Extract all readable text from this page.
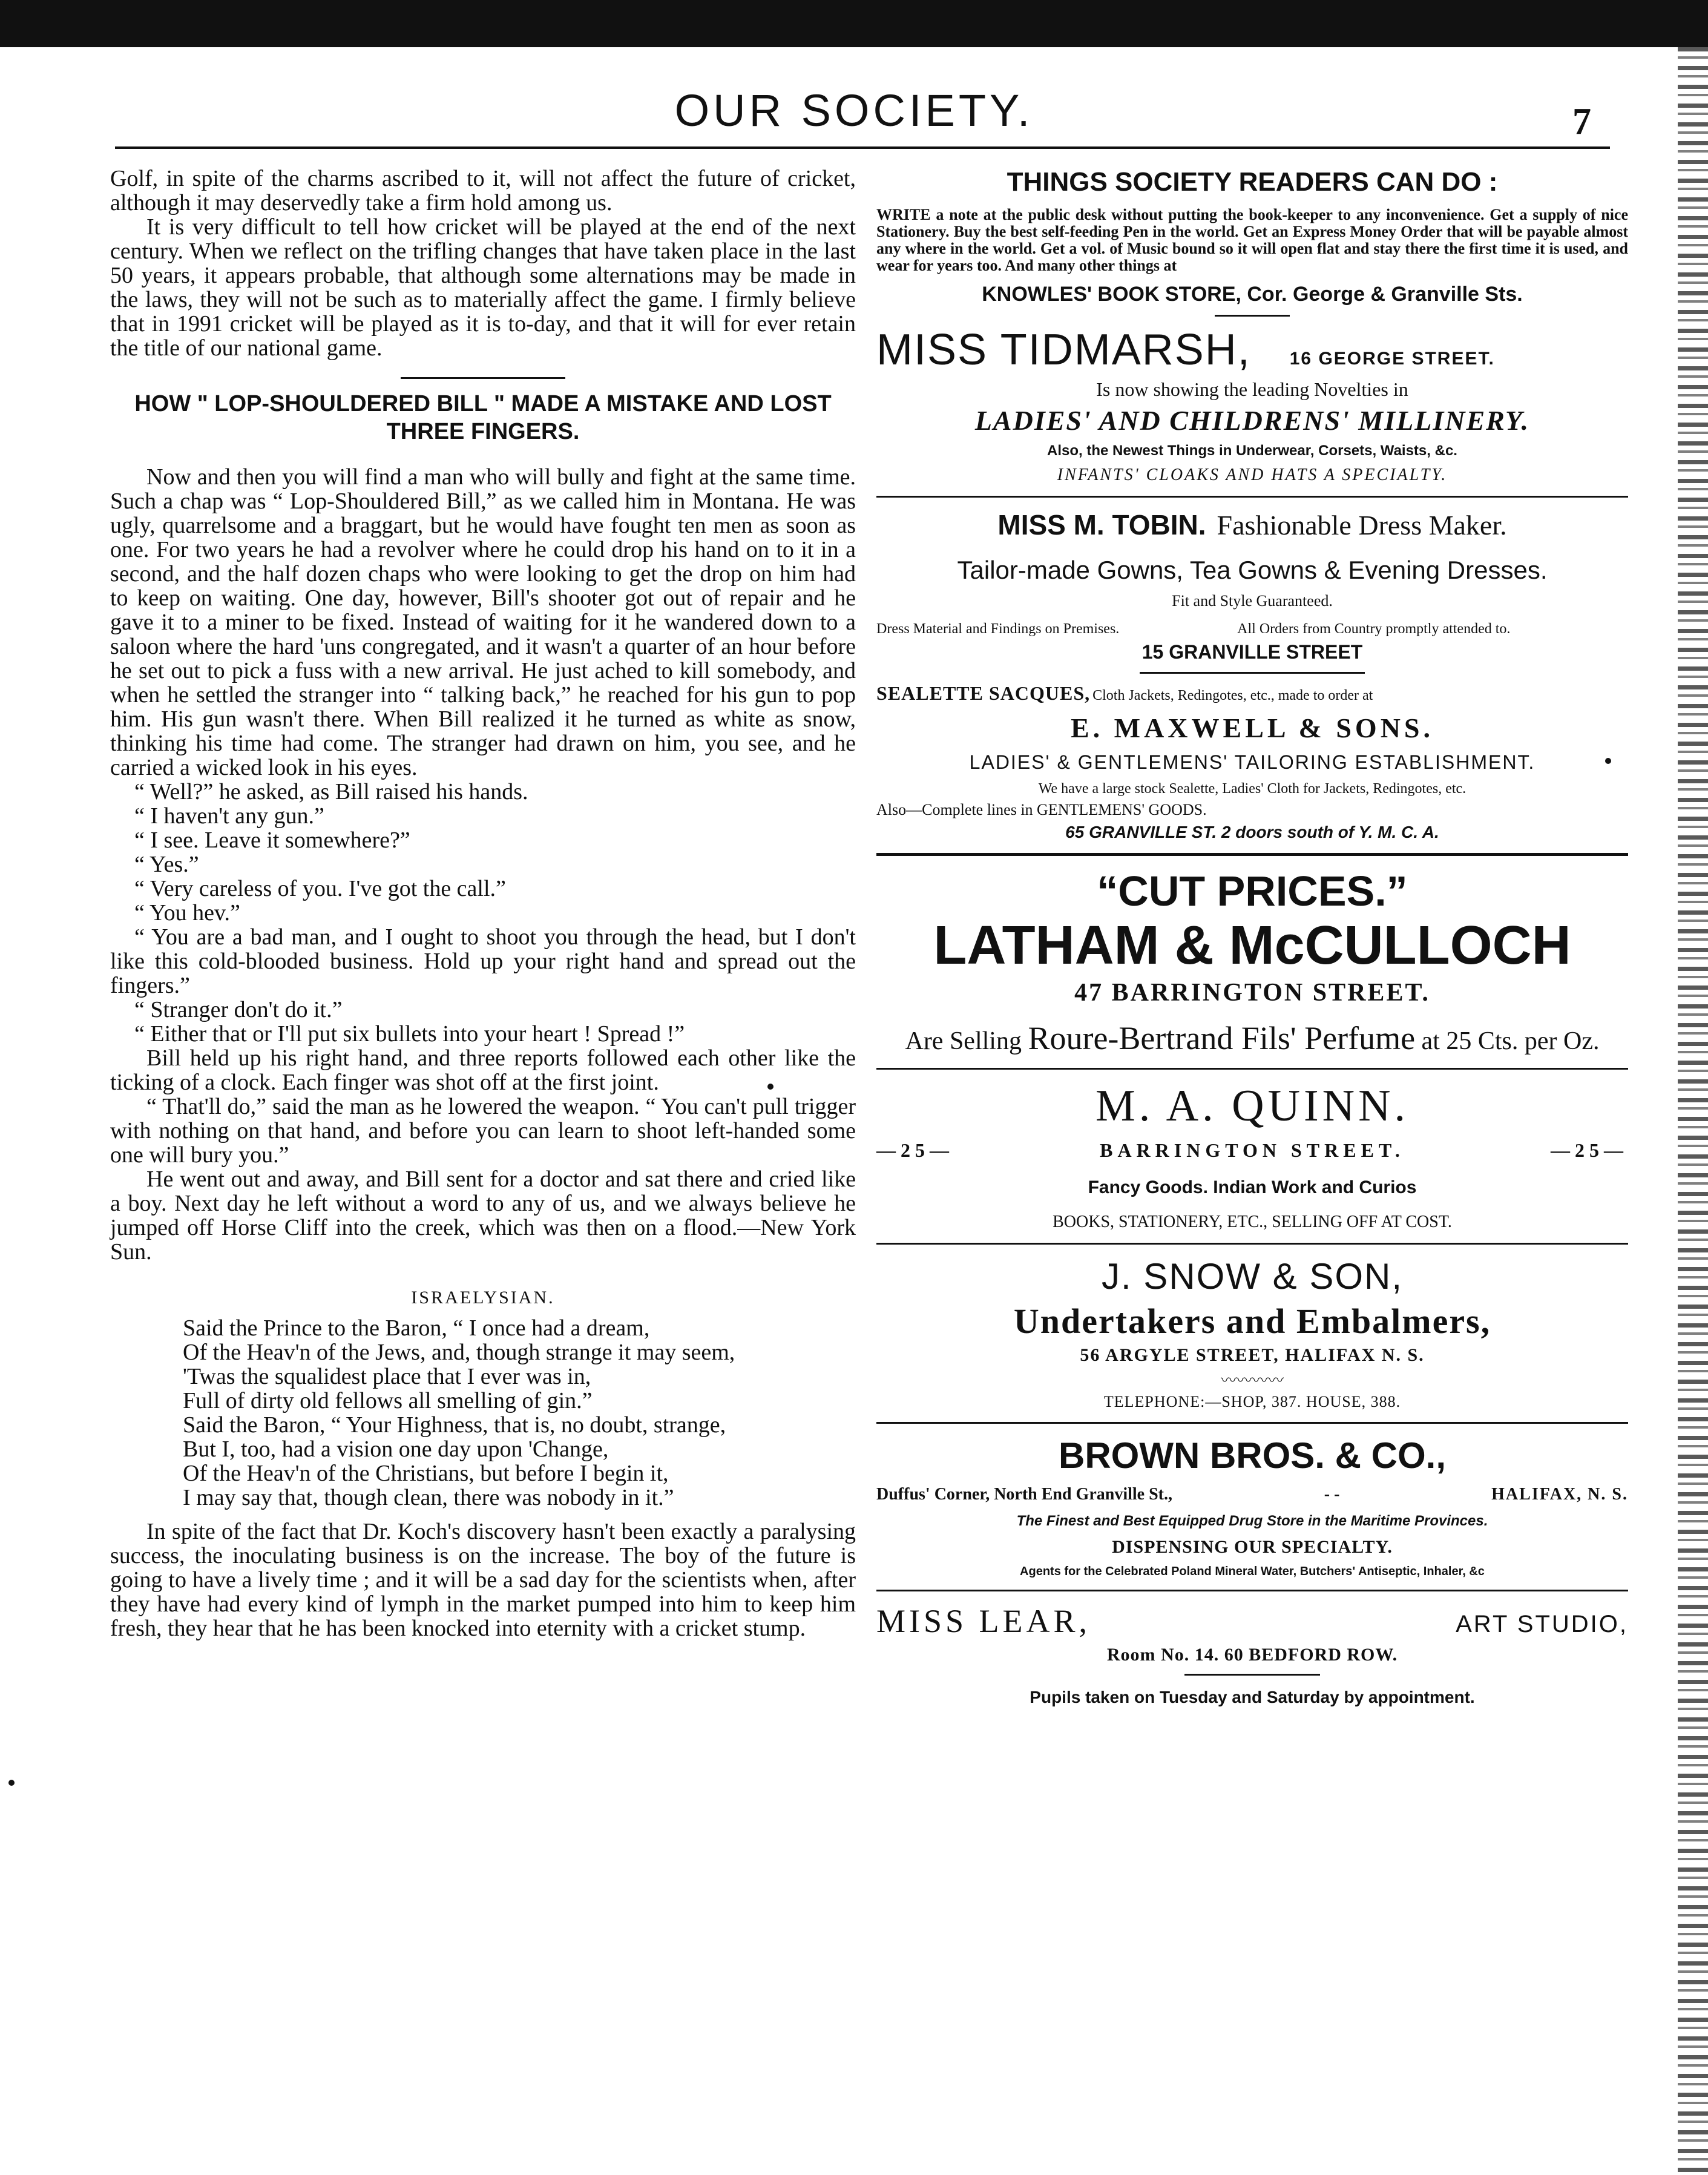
OUR SOCIETY.	7

Golf, in spite of the charms ascribed to it, will not affect the future of cricket, although it may deservedly take a firm hold among us.

It is very difficult to tell how cricket will be played at the end of the next century. When we reflect on the trifling changes that have taken place in the last 50 years, it appears probable, that although some alternations may be made in the laws, they will not be such as to materially affect the game. I firmly believe that in 1991 cricket will be played as it is to-day, and that it will for ever retain the title of our national game.

HOW " LOP-SHOULDERED BILL " MADE A MISTAKE AND LOST THREE FINGERS.

Now and then you will find a man who will bully and fight at the same time. Such a chap was “ Lop-Shouldered Bill,” as we called him in Montana. He was ugly, quarrelsome and a braggart, but he would have fought ten men as soon as one. For two years he had a revolver where he could drop his hand on to it in a second, and the half dozen chaps who were looking to get the drop on him had to keep on waiting. One day, however, Bill's shooter got out of repair and he gave it to a miner to be fixed. Instead of waiting for it he wandered down to a saloon where the hard 'uns congregated, and it wasn't a quarter of an hour before he set out to pick a fuss with a new arrival. He just ached to kill somebody, and when he settled the stranger into “ talking back,” he reached for his gun to pop him. His gun wasn't there. When Bill realized it he turned as white as snow, thinking his time had come. The stranger had drawn on him, you see, and he carried a wicked look in his eyes.

“ Well?” he asked, as Bill raised his hands.

“ I haven't any gun.”

“ I see. Leave it somewhere?”

“ Yes.”

“ Very careless of you. I've got the call.”

“ You hev.”

“ You are a bad man, and I ought to shoot you through the head, but I don't like this cold-blooded business. Hold up your right hand and spread out the fingers.”

“ Stranger don't do it.”

“ Either that or I'll put six bullets into your heart ! Spread !”

Bill held up his right hand, and three reports followed each other like the ticking of a clock. Each finger was shot off at the first joint.

“ That'll do,” said the man as he lowered the weapon. “ You can't pull trigger with nothing on that hand, and before you can learn to shoot left-handed some one will bury you.”

He went out and away, and Bill sent for a doctor and sat there and cried like a boy. Next day he left without a word to any of us, and we always believe he jumped off Horse Cliff into the creek, which was then on a flood.—New York Sun.

ISRAELYSIAN.
Said the Prince to the Baron, “ I once had a dream,
Of the Heav'n of the Jews, and, though strange it may seem,
'Twas the squalidest place that I ever was in,
Full of dirty old fellows all smelling of gin.”
Said the Baron, “ Your Highness, that is, no doubt, strange,
But I, too, had a vision one day upon 'Change,
Of the Heav'n of the Christians, but before I begin it,
I may say that, though clean, there was nobody in it.”

In spite of the fact that Dr. Koch's discovery hasn't been exactly a paralysing success, the inoculating business is on the increase. The boy of the future is going to have a lively time ; and it will be a sad day for the scientists when, after they have had every kind of lymph in the market pumped into him to keep him fresh, they hear that he has been knocked into eternity with a cricket stump.

THINGS SOCIETY READERS CAN DO :
WRITE a note at the public desk without putting the book-keeper to any inconvenience. Get a supply of nice Stationery. Buy the best self-feeding Pen in the world. Get an Express Money Order that will be payable almost any where in the world. Get a vol. of Music bound so it will open flat and stay there the first time it is used, and wear for years too. And many other things at
KNOWLES' BOOK STORE, Cor. George & Granville Sts.
MISS TIDMARSH, 16 GEORGE STREET.
Is now showing the leading Novelties in
LADIES' AND CHILDRENS' MILLINERY.
Also, the Newest Things in Underwear, Corsets, Waists, &c.
INFANTS' CLOAKS AND HATS A SPECIALTY.
MISS M. TOBIN. Fashionable Dress Maker.
Tailor-made Gowns, Tea Gowns & Evening Dresses.
Fit and Style Guaranteed.
Dress Material and Findings on Premises.	All Orders from Country promptly attended to.
15 GRANVILLE STREET
SEALETTE SACQUES, Cloth Jackets, Redingotes, etc., made to order at
E. MAXWELL & SONS.
LADIES' & GENTLEMENS' TAILORING ESTABLISHMENT.
We have a large stock Sealette, Ladies' Cloth for Jackets, Redingotes, etc.
Also—Complete lines in GENTLEMENS' GOODS.
65 GRANVILLE ST. 2 doors south of Y. M. C. A.
“CUT PRICES.”
LATHAM & McCULLOCH
47 BARRINGTON STREET.
Are Selling Roure-Bertrand Fils' Perfume at 25 Cts. per Oz.
M. A. QUINN.
—25—	BARRINGTON STREET.	—25—
Fancy Goods. Indian Work and Curios
BOOKS, STATIONERY, ETC., SELLING OFF AT COST.
J. SNOW & SON,
Undertakers and Embalmers,
56 ARGYLE STREET, HALIFAX N. S.
〰〰〰〰
TELEPHONE:—SHOP, 387. HOUSE, 388.
BROWN BROS. & CO.,
Duffus' Corner, North End Granville St.,	- -	HALIFAX, N. S.
The Finest and Best Equipped Drug Store in the Maritime Provinces.
DISPENSING OUR SPECIALTY.
Agents for the Celebrated Poland Mineral Water, Butchers' Antiseptic, Inhaler, &c
MISS LEAR,	ART STUDIO,
Room No. 14. 60 BEDFORD ROW.
Pupils taken on Tuesday and Saturday by appointment.
